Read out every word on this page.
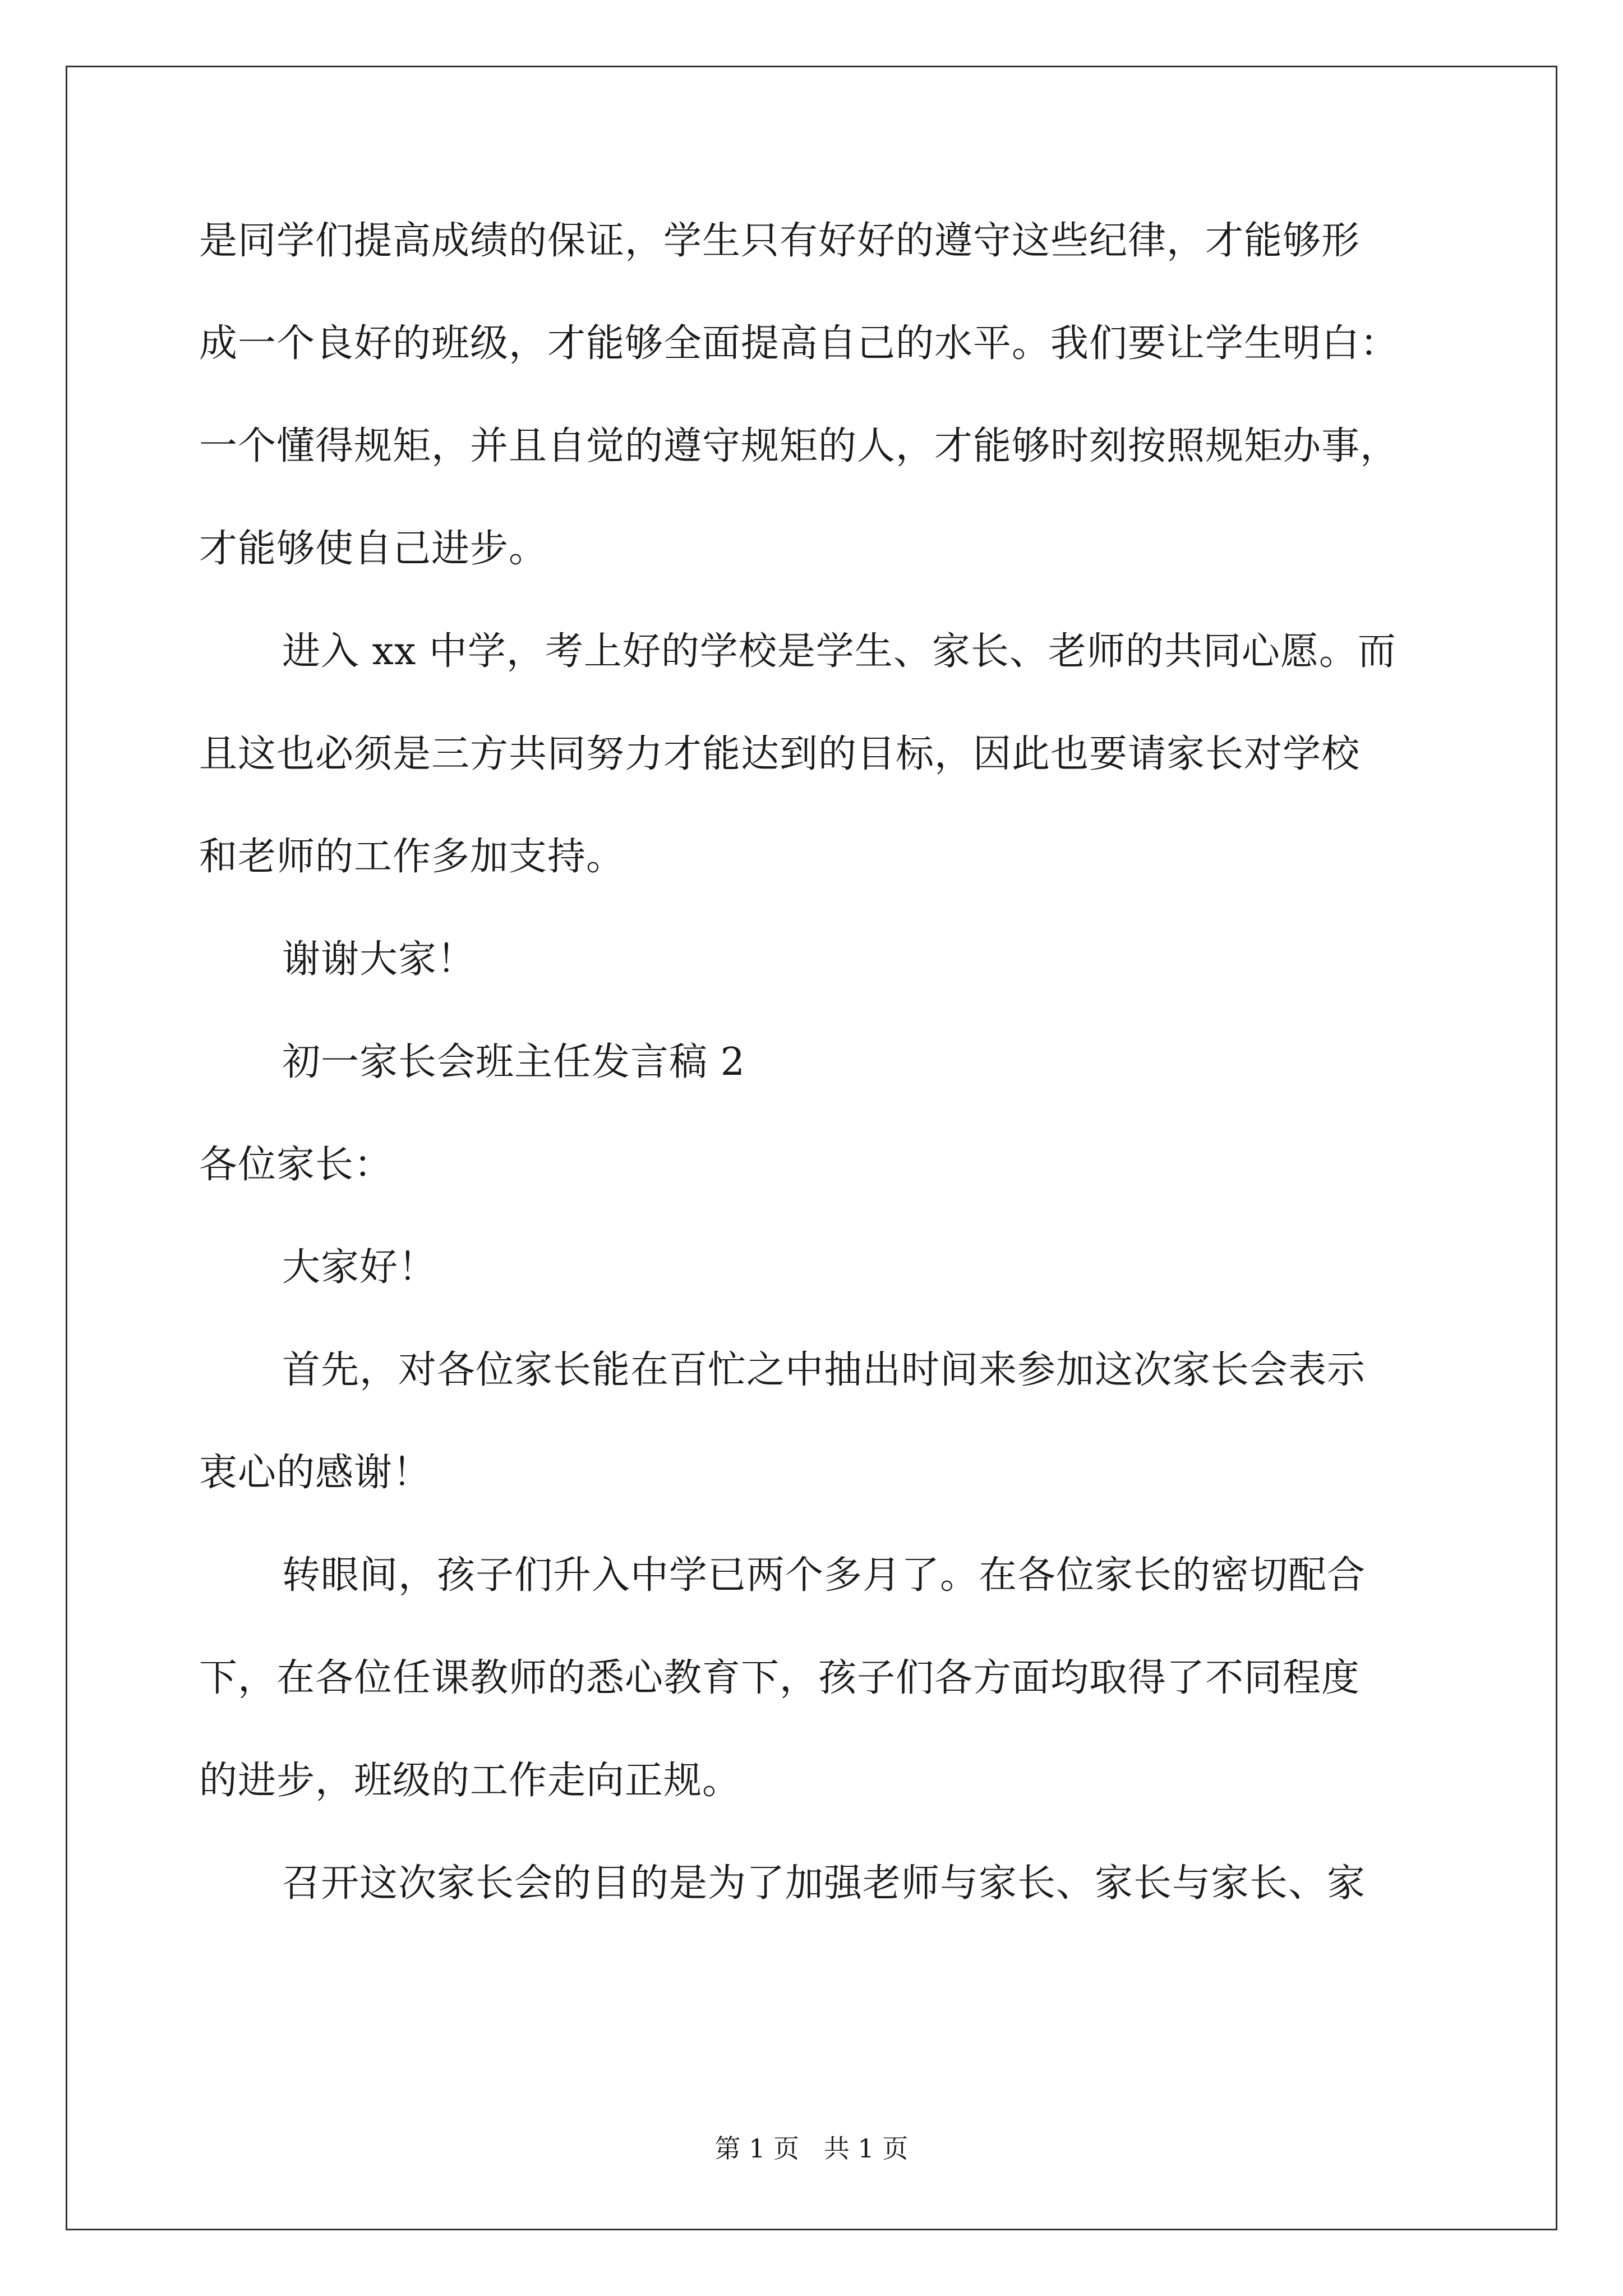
是同学们提高成绩的保证，学生只有好好的遵守这些纪律，才能够形
成一个良好的班级，才能够全面提高自己的水平。我们要让学生明白：
一个懂得规矩，并且自觉的遵守规矩的人，才能够时刻按照规矩办事，
才能够使自己进步。
进入 xx 中学，考上好的学校是学生、家长、老师的共同心愿。而
且这也必须是三方共同努力才能达到的目标，因此也要请家长对学校
和老师的工作多加支持。
谢谢大家！
初一家长会班主任发言稿 2
各位家长：
大家好！
首先，对各位家长能在百忙之中抽出时间来参加这次家长会表示
衷心的感谢！
转眼间，孩子们升入中学已两个多月了。在各位家长的密切配合
下，在各位任课教师的悉心教育下，孩子们各方面均取得了不同程度
的进步，班级的工作走向正规。
召开这次家长会的目的是为了加强老师与家长、家长与家长、家
第 1 页   共 1 页
